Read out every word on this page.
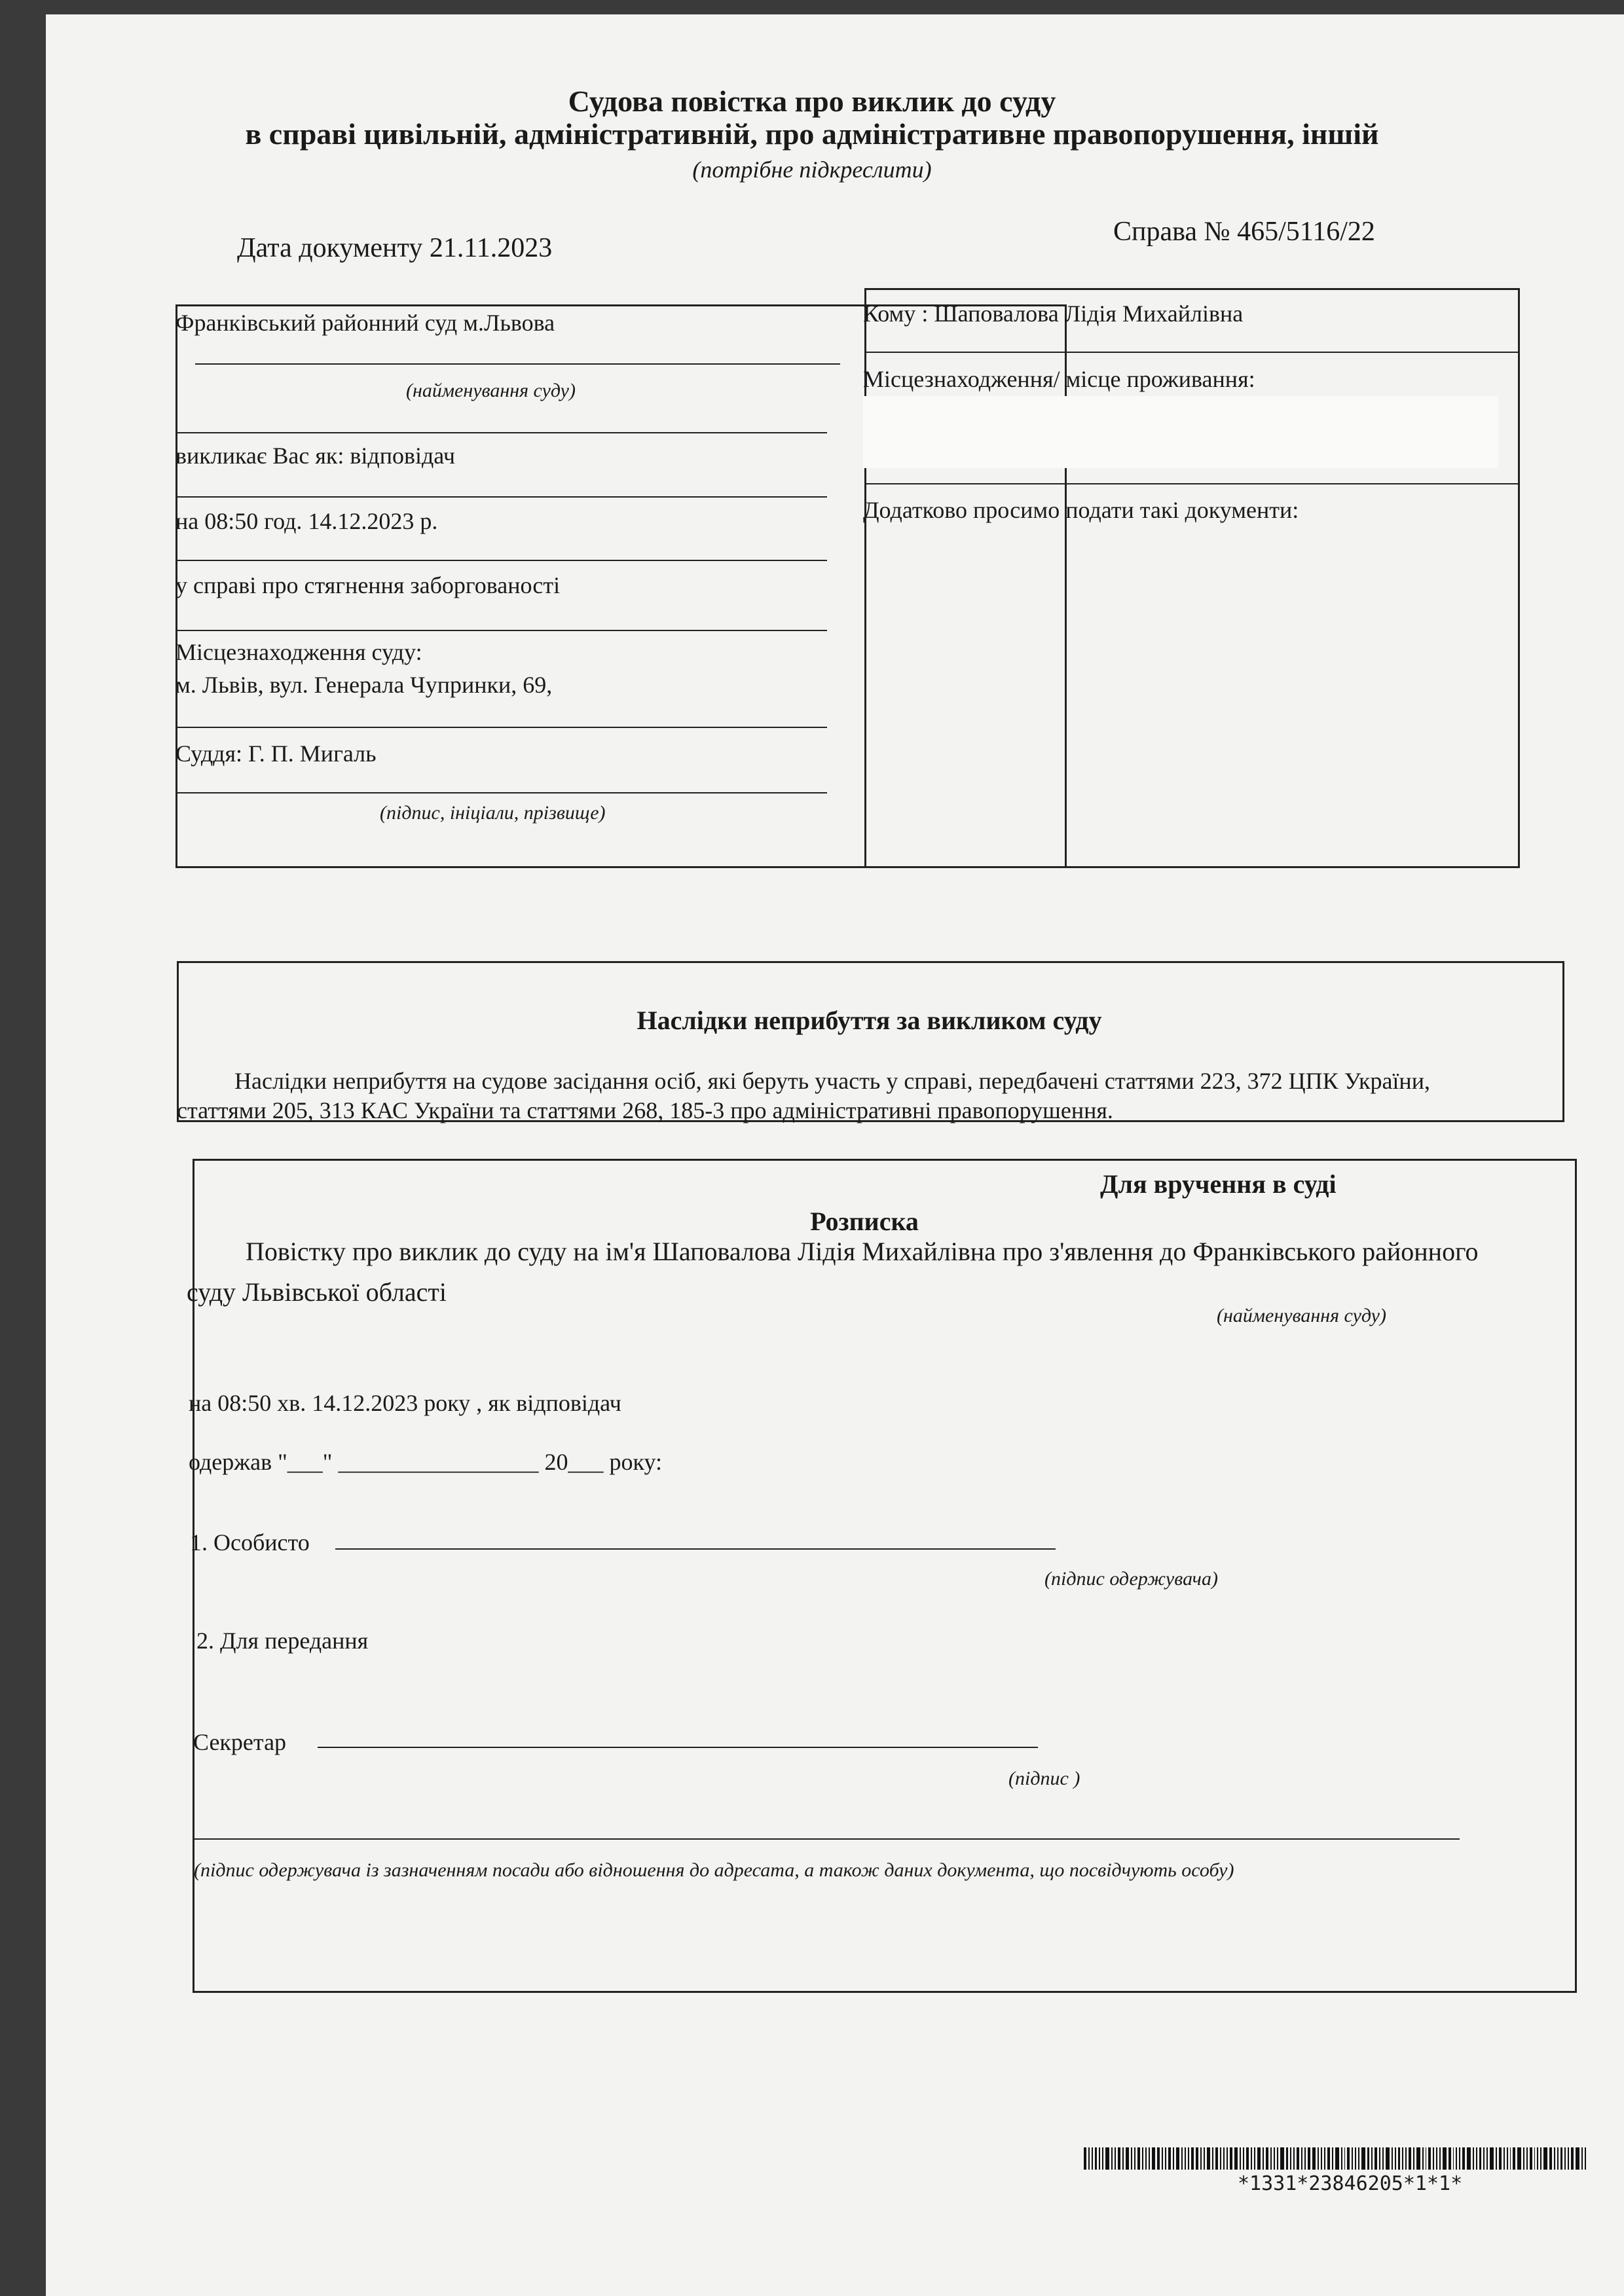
Судова повістка про виклик до суду
в справі цивільній, адміністративній, про адміністративне правопорушення, іншій
(потрібне підкреслити)
Дата документу 21.11.2023
Справа № 465/5116/22
Франківський районний суд м.Львова
(найменування суду)
викликає Вас як: відповідач
на 08:50 год. 14.12.2023 р.
у справі про стягнення заборгованості
Місцезнаходження суду:
м. Львів, вул. Генерала Чупринки, 69,
Суддя: Г. П. Мигаль
(підпис, ініціали, прізвище)
Кому : Шаповалова Лідія Михайлівна
Місцезнаходження/ місце проживання:
Додатково просимо подати такі документи:
Наслідки неприбуття за викликом суду
Наслідки неприбуття на судове засідання осіб, які беруть участь у справі, передбачені статтями 223, 372 ЦПК України,
статтями 205, 313 КАС України та статтями 268, 185-3 про адміністративні правопорушення.
Для вручення в суді
Розписка
Повістку про виклик до суду на ім'я Шаповалова Лідія Михайлівна про з'явлення до Франківського районного
суду Львівської області
(найменування суду)
на 08:50 хв. 14.12.2023 року , як відповідач
одержав "___" _________________ 20___ року:
1. Особисто
(підпис одержувача)
2. Для передання
Секретар
(підпис )
(підпис одержувача із зазначенням посади або відношення до адресата, а також даних документа, що посвідчують особу)
*1331*23846205*1*1*
